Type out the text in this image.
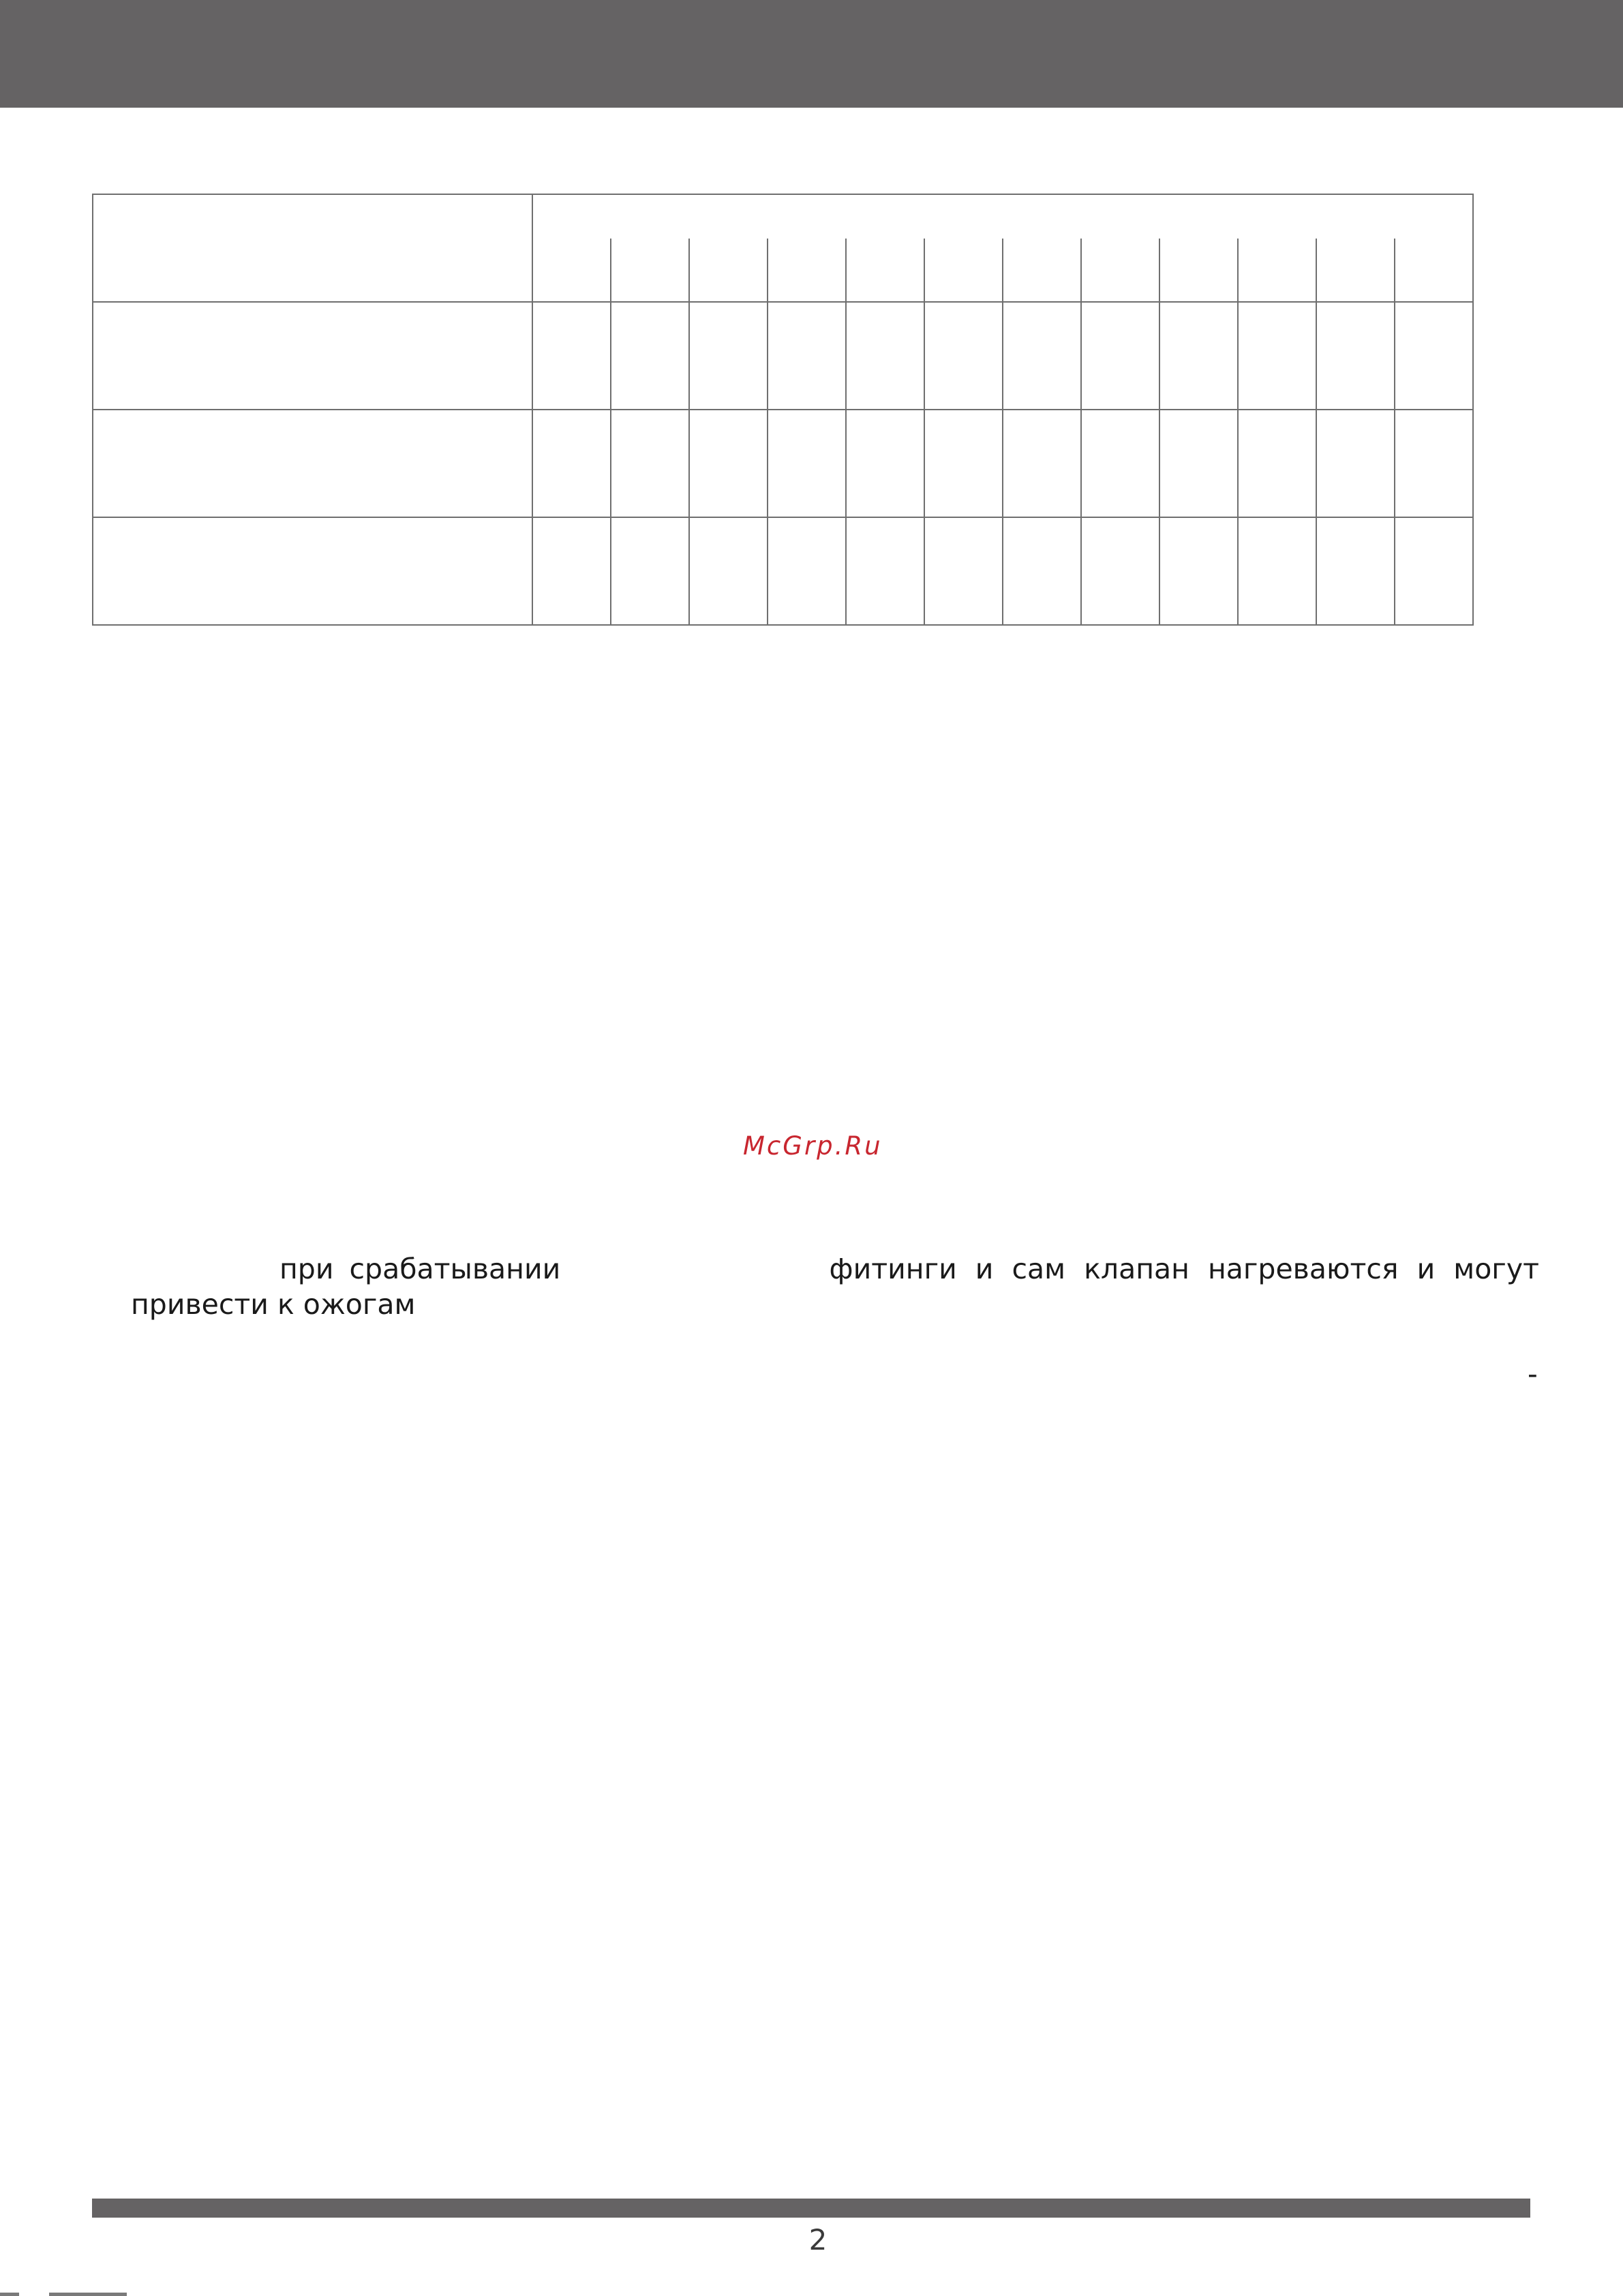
McGrp.Ru
при срабатывании	фитинги и сам клапан нагреваются и могут
привести к ожогам
-
2
